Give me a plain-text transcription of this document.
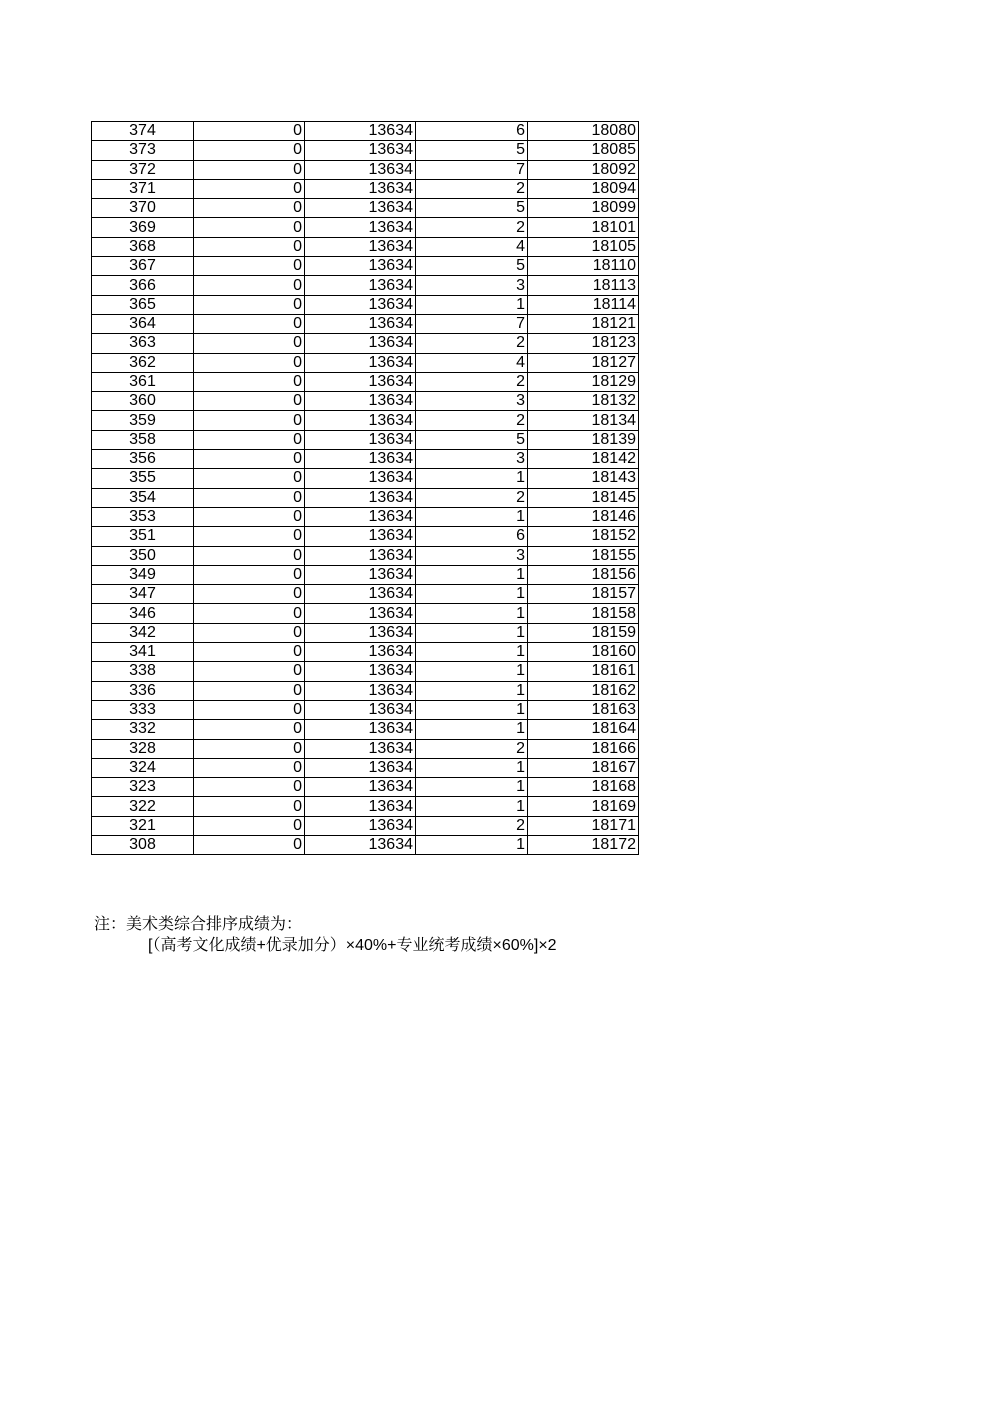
374	0	13634	6	18080
373	0	13634	5	18085
372	0	13634	7	18092
371	0	13634	2	18094
370	0	13634	5	18099
369	0	13634	2	18101
368	0	13634	4	18105
367	0	13634	5	18110
366	0	13634	3	18113
365	0	13634	1	18114
364	0	13634	7	18121
363	0	13634	2	18123
362	0	13634	4	18127
361	0	13634	2	18129
360	0	13634	3	18132
359	0	13634	2	18134
358	0	13634	5	18139
356	0	13634	3	18142
355	0	13634	1	18143
354	0	13634	2	18145
353	0	13634	1	18146
351	0	13634	6	18152
350	0	13634	3	18155
349	0	13634	1	18156
347	0	13634	1	18157
346	0	13634	1	18158
342	0	13634	1	18159
341	0	13634	1	18160
338	0	13634	1	18161
336	0	13634	1	18162
333	0	13634	1	18163
332	0	13634	1	18164
328	0	13634	2	18166
324	0	13634	1	18167
323	0	13634	1	18168
322	0	13634	1	18169
321	0	13634	2	18171
308	0	13634	1	18172
注：美术类综合排序成绩为：
[（高考文化成绩+优录加分）×40%+专业统考成绩×60%]×2
